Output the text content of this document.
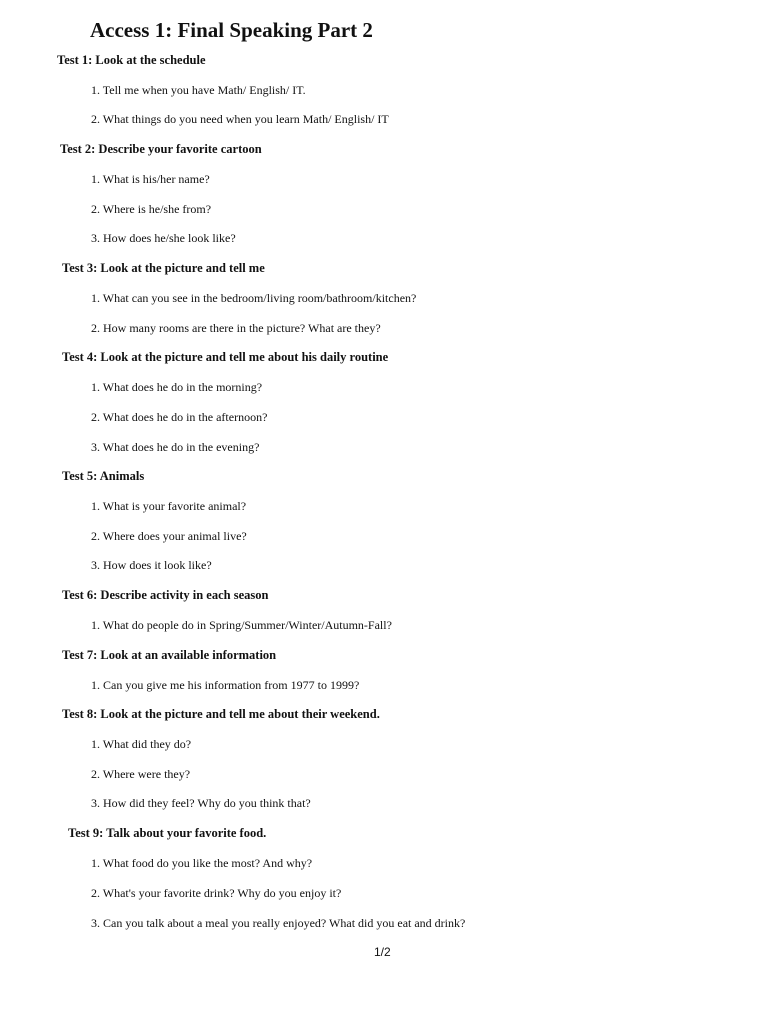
Access 1: Final Speaking Part 2
Test 1: Look at the schedule
1. Tell me when you have Math/ English/ IT.
2. What things do you need when you learn Math/ English/ IT
Test 2: Describe your favorite cartoon
1. What is his/her name?
2. Where is he/she from?
3. How does he/she look like?
Test 3: Look at the picture and tell me
1. What can you see in the bedroom/living room/bathroom/kitchen?
2. How many rooms are there in the picture? What are they?
Test 4: Look at the picture and tell me about his daily routine
1. What does he do in the morning?
2. What does he do in the afternoon?
3. What does he do in the evening?
Test 5: Animals
1. What is your favorite animal?
2. Where does your animal live?
3. How does it look like?
Test 6: Describe activity in each season
1. What do people do in Spring/Summer/Winter/Autumn-Fall?
Test 7: Look at an available information
1. Can you give me his information from 1977 to 1999?
Test 8: Look at the picture and tell me about their weekend.
1. What did they do?
2. Where were they?
3. How did they feel? Why do you think that?
Test 9: Talk about your favorite food.
1. What food do you like the most? And why?
2. What's your favorite drink? Why do you enjoy it?
3. Can you talk about a meal you really enjoyed? What did you eat and drink?
1/2
